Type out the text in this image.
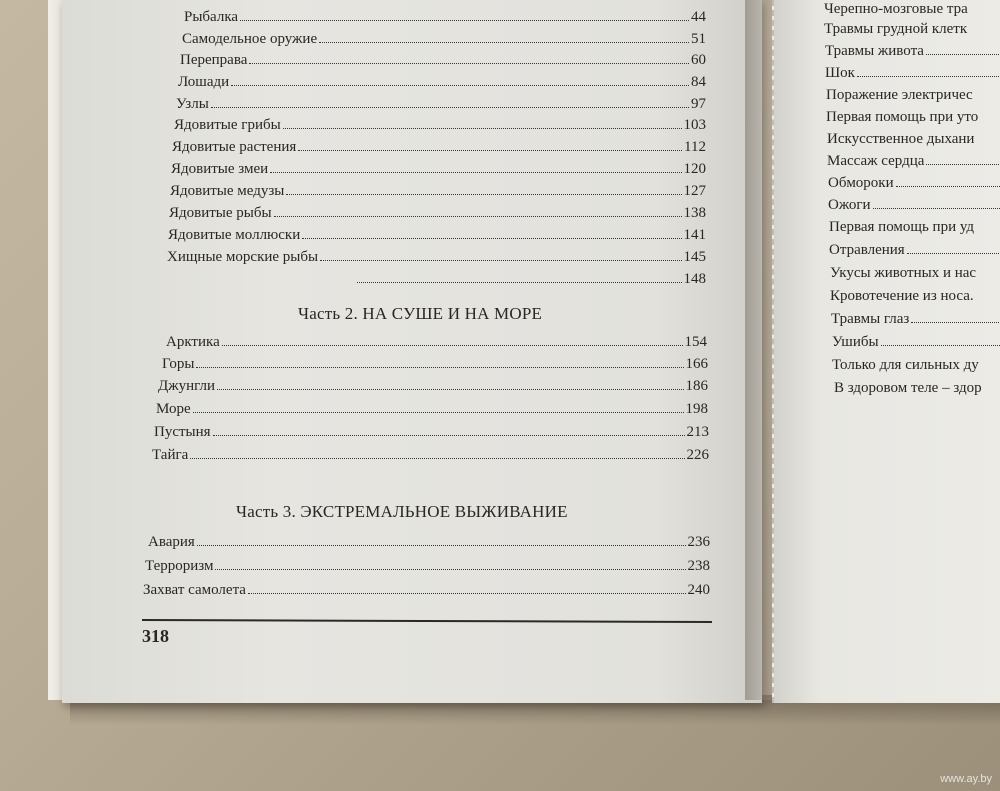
Рыбалка	44
Самодельное оружие	51
Переправа	60
Лошади	84
Узлы	97
Ядовитые грибы	103
Ядовитые растения	112
Ядовитые змеи	120
Ядовитые медузы	127
Ядовитые рыбы	138
Ядовитые моллюски	141
Хищные морские рыбы	145
148
Часть 2. НА СУШЕ И НА МОРЕ
Арктика	154
Горы	166
Джунгли	186
Море	198
Пустыня	213
Тайга	226
Часть 3. ЭКСТРЕМАЛЬНОЕ ВЫЖИВАНИЕ
Авария	236
Терроризм	238
Захват самолета	240
318
Черепно-мозговые тра
Травмы грудной клетк
Травмы живота
Шок
Поражение электричес
Первая помощь при уто
Искусственное дыхани
Массаж сердца
Обмороки
Ожоги
Первая помощь при уд
Отравления
Укусы животных и нас
Кровотечение из носа.
Травмы глаз
Ушибы
Только для сильных ду
В здоровом теле – здор
www.ay.by
